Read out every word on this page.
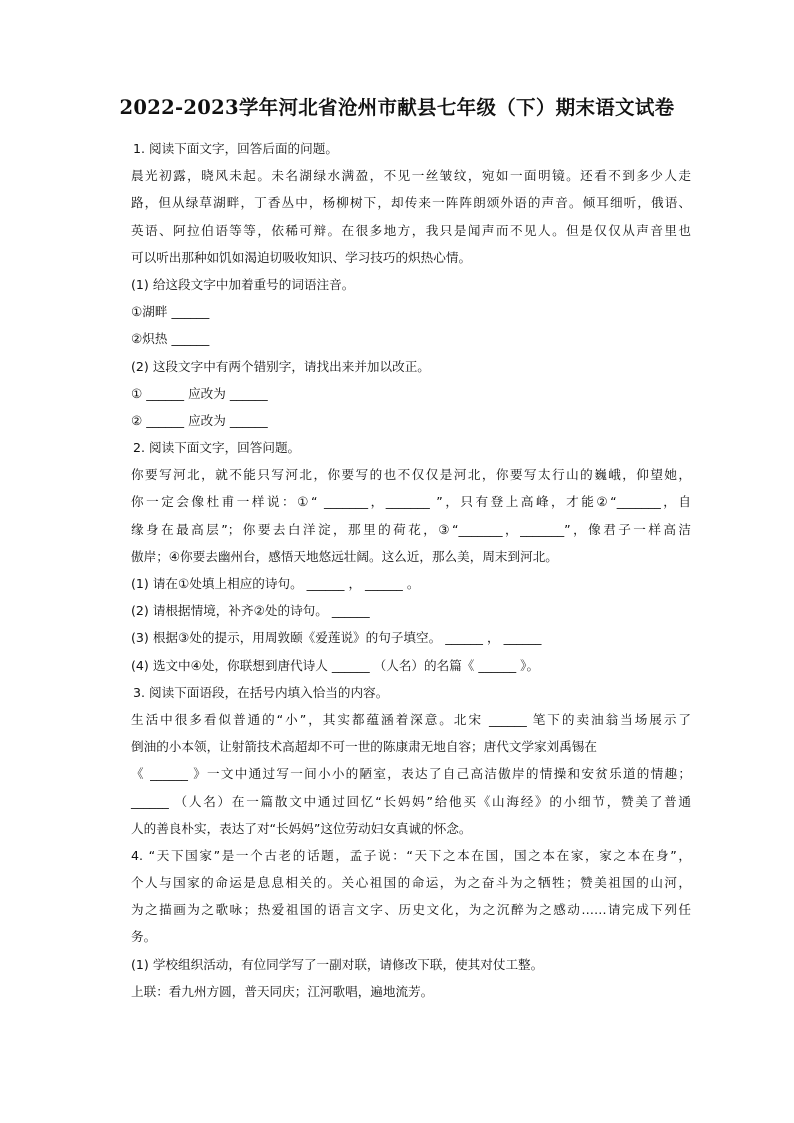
2022-2023学年河北省沧州市献县七年级（下）期末语文试卷
1. 阅读下面文字，回答后面的问题。
晨光初露，晓风未起。未名湖绿水满盈，不见一丝皱纹，宛如一面明镜。还看不到多少人走
路，但从绿草湖畔，丁香丛中，杨柳树下，却传来一阵阵朗颂外语的声音。倾耳细听，俄语、
英语、阿拉伯语等等，依稀可辩。在很多地方，我只是闻声而不见人。但是仅仅从声音里也
可以听出那种如饥如渴迫切吸收知识、学习技巧的炽热心情。
(1) 给这段文字中加着重号的词语注音。
①湖畔 ______
②炽热 ______
(2) 这段文字中有两个错别字，请找出来并加以改正。
① ______ 应改为 ______
② ______ 应改为 ______
2. 阅读下面文字，回答问题。
你要写河北，就不能只写河北，你要写的也不仅仅是河北，你要写太行山的巍峨，仰望她，
你一定会像杜甫一样说：①“ _______，_______ ”，只有登上高峰，才能②“_______，自
缘身在最高层”；你要去白洋淀，那里的荷花，③“_______，_______”，像君子一样高洁
傲岸；④你要去幽州台，感悟天地悠远壮阔。这么近，那么美，周末到河北。
(1) 请在①处填上相应的诗句。 ______ ， ______ 。
(2) 请根据情境，补齐②处的诗句。 ______
(3) 根据③处的提示，用周敦颐《爱莲说》的句子填空。 ______ ， ______
(4) 选文中④处，你联想到唐代诗人 ______ （人名）的名篇《 ______ 》。
3. 阅读下面语段，在括号内填入恰当的内容。
生活中很多看似普通的“小”，其实都蕴涵着深意。北宋 ______ 笔下的卖油翁当场展示了
倒油的小本领，让射箭技术高超却不可一世的陈康肃无地自容；唐代文学家刘禹锡在
《 ______ 》一文中通过写一间小小的陋室，表达了自己高洁傲岸的情操和安贫乐道的情趣；
______ （人名）在一篇散文中通过回忆“长妈妈”给他买《山海经》的小细节，赞美了普通
人的善良朴实，表达了对“长妈妈”这位劳动妇女真诚的怀念。
4. “天下国家”是一个古老的话题，孟子说：“天下之本在国，国之本在家，家之本在身”，
个人与国家的命运是息息相关的。关心祖国的命运，为之奋斗为之牺牲；赞美祖国的山河，
为之描画为之歌咏；热爱祖国的语言文字、历史文化，为之沉醉为之感动……请完成下列任
务。
(1) 学校组织活动，有位同学写了一副对联，请修改下联，使其对仗工整。
上联：看九州方圆，普天同庆；江河歌唱，遍地流芳。
